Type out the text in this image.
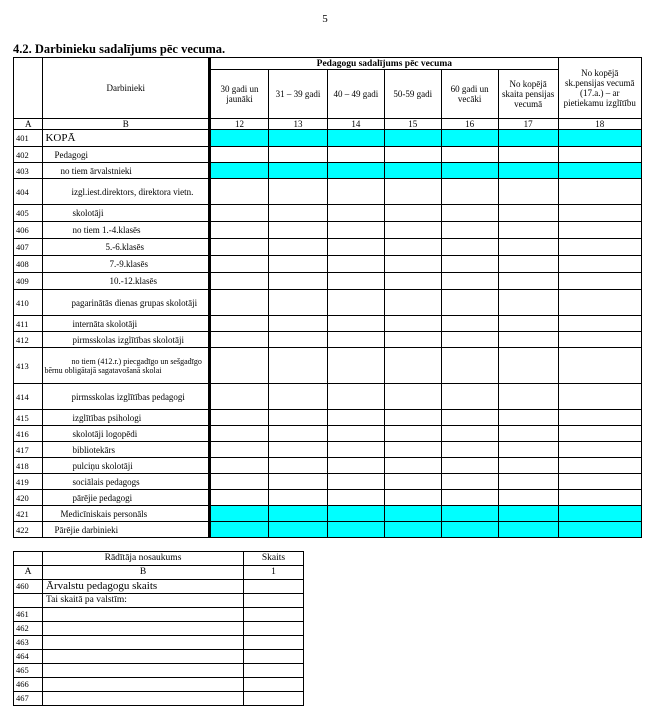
5
4.2. Darbinieku sadalījums pēc vecuma.
	Darbinieki	Pedagogu sadalījums pēc vecuma						No kopējā sk.pensijas vecumā (17.a.) – ar pietiekamu izglītību
		30 gadi un jaunāki	31 – 39 gadi	40 – 49 gadi	50-59 gadi	60 gadi un vecāki	No kopējā skaita pensijas vecumā	
A	B	12	13	14	15	16	17	18
401	KOPĀ							
402	Pedagogi							
403	no tiem ārvalstnieki							
404	izgl.iest.direktors, direktora vietn.							
405	skolotāji							
406	no tiem 1.-4.klasēs							
407	5.-6.klasēs							
408	7.-9.klasēs							
409	10.-12.klasēs							
410	pagarinātās dienas grupas skolotāji							
411	internāta skolotāji							
412	pirmsskolas izglītības skolotāji							
413	no tiem (412.r.) piecgadīgo un sešgadīgo bērnu obligātajā sagatavošanā skolai							
414	pirmsskolas izglītības pedagogi							
415	izglītības psihologi							
416	skolotāji logopēdi							
417	bibliotekārs							
418	pulciņu skolotāji							
419	sociālais pedagogs							
420	pārējie pedagogi							
421	Medicīniskais personāls							
422	Pārējie darbinieki							
	Rādītāja nosaukums	Skaits
A	B	1
460	Ārvalstu pedagogu skaits	
	Tai skaitā pa valstīm:	
461		
462		
463		
464		
465		
466		
467		
